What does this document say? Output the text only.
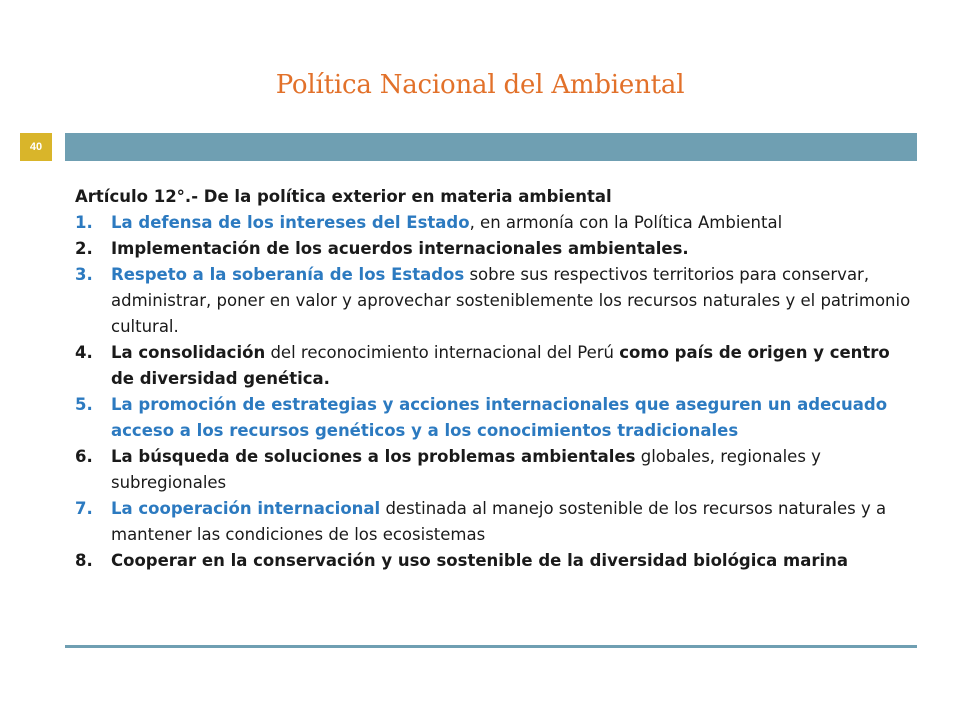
Política Nacional del Ambiental
40
Artículo 12°.- De la política exterior en materia ambiental
1.	La defensa de los intereses del Estado, en armonía con la Política Ambiental
2.	Implementación de los acuerdos internacionales ambientales.
3.	Respeto a la soberanía de los Estados sobre sus respectivos territorios para conservar, administrar, poner en valor y aprovechar sosteniblemente los recursos naturales y el patrimonio cultural.
4.	La consolidación del reconocimiento internacional del Perú como país de origen y centro de diversidad genética.
5.	La promoción de estrategias y acciones internacionales que aseguren un adecuado acceso a los recursos genéticos y a los conocimientos tradicionales
6.	La búsqueda de soluciones a los problemas ambientales globales, regionales y subregionales
7.	La cooperación internacional destinada al manejo sostenible de los recursos naturales y a mantener las condiciones de los ecosistemas
8.	Cooperar en la conservación y uso sostenible de la diversidad biológica marina
